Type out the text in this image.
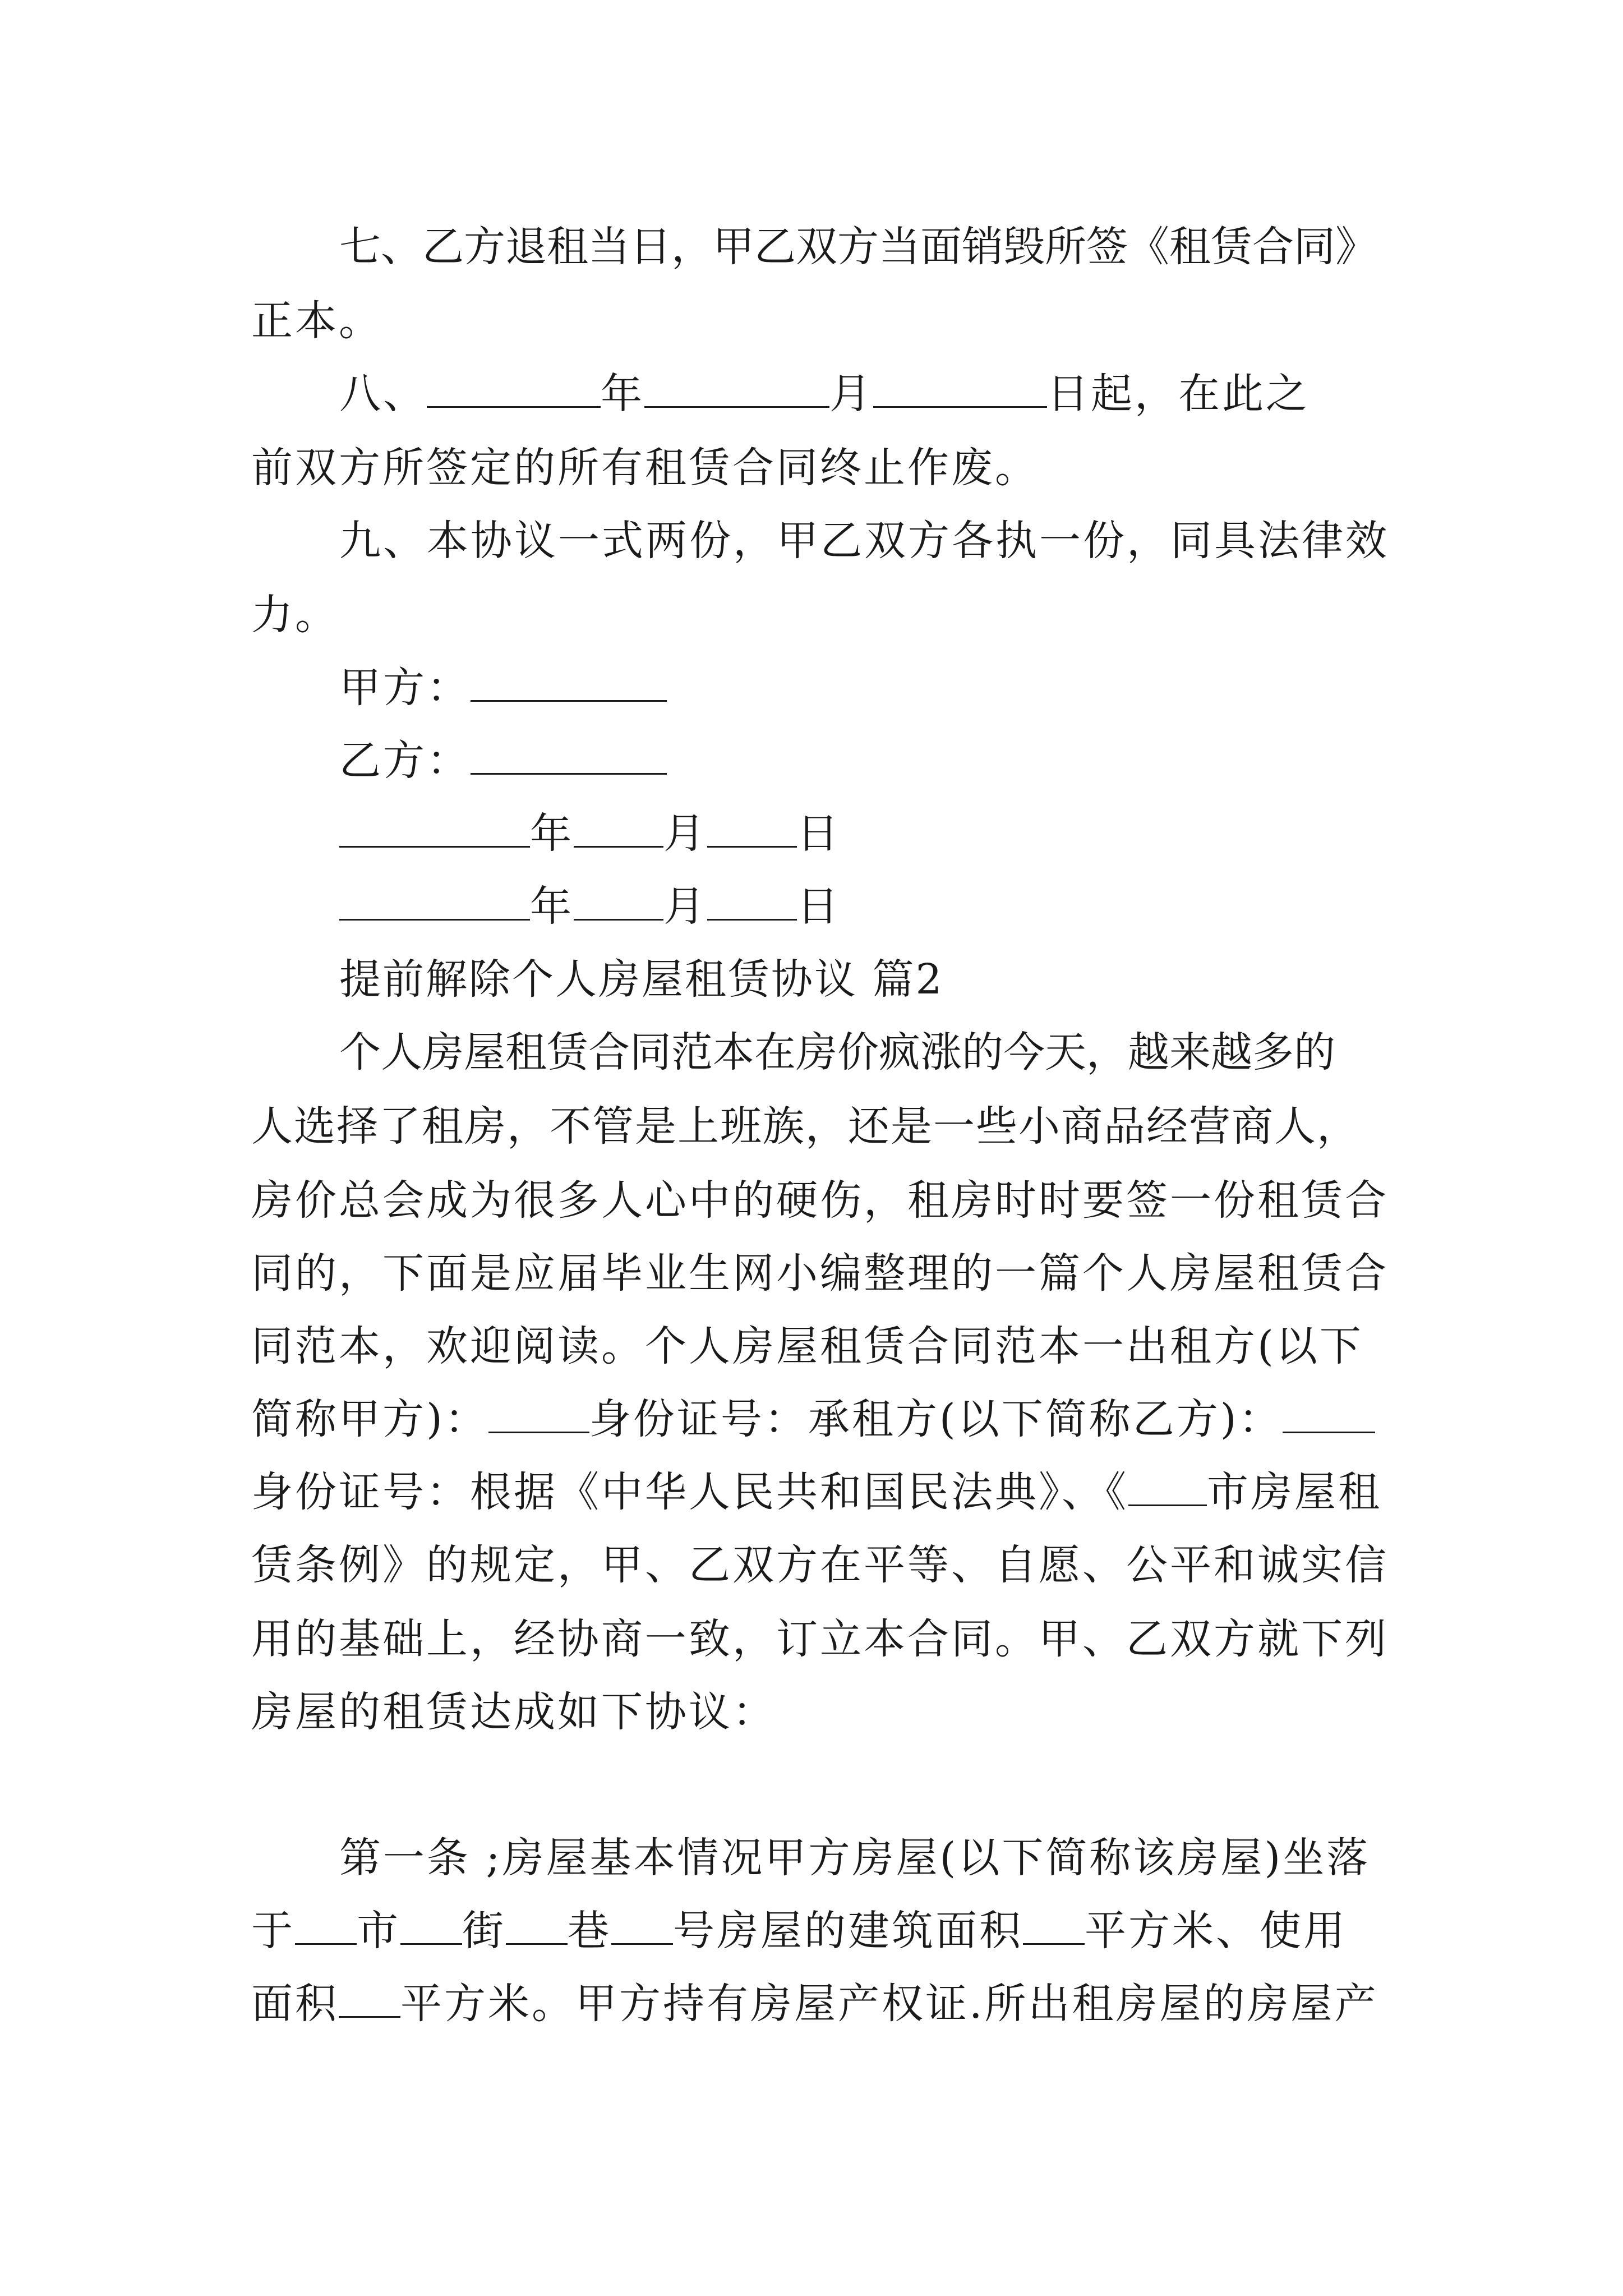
七、乙方退租当日，甲乙双方当面销毁所签《租赁合同》
正本。
八、	年	月	日起，在此之
前双方所签定的所有租赁合同终止作废。
九、本协议一式两份，甲乙双方各执一份，同具法律效
力。
甲方：
乙方：
年 月 日
年 月 日
提前解除个人房屋租赁协议 篇2
个人房屋租赁合同范本在房价疯涨的今天，越来越多的
人选择了租房，不管是上班族，还是一些小商品经营商人，
房价总会成为很多人心中的硬伤，租房时时要签一份租赁合
同的，下面是应届毕业生网小编整理的一篇个人房屋租赁合
同范本，欢迎阅读。个人房屋租赁合同范本一出租方(以下
简称甲方)： 身份证号：承租方(以下简称乙方)：
身份证号：根据《中华人民共和国民法典》、《 市房屋租
赁条例》的规定，甲、乙双方在平等、自愿、公平和诚实信
用的基础上，经协商一致，订立本合同。甲、乙双方就下列
房屋的租赁达成如下协议：
第一条 ;房屋基本情况甲方房屋(以下简称该房屋)坐落
于 市 街 巷 号房屋的建筑面积 平方米、使用
面积 平方米。甲方持有房屋产权证.所出租房屋的房屋产
